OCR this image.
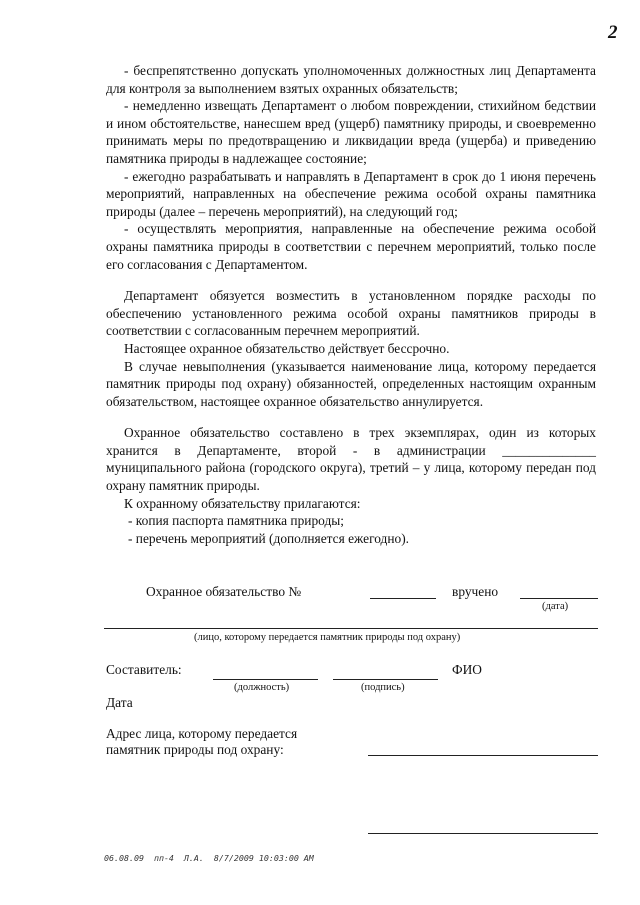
2

- беспрепятственно допускать уполномоченных должностных лиц Департамента для контроля за выполнением взятых охранных обязательств;

- немедленно извещать Департамент о любом повреждении, стихийном бедствии и ином обстоятельстве, нанесшем вред (ущерб) памятнику природы, и своевременно принимать меры по предотвращению и ликвидации вреда (ущерба) и приведению памятника природы в надлежащее состояние;

- ежегодно разрабатывать и направлять в Департамент в срок до 1 июня перечень мероприятий, направленных на обеспечение режима особой охраны памятника природы (далее – перечень мероприятий), на следующий год;

- осуществлять мероприятия, направленные на обеспечение режима особой охраны памятника природы в соответствии с перечнем мероприятий, только после его согласования с Департаментом.

Департамент обязуется возместить в установленном порядке расходы по обеспечению установленного режима особой охраны памятников природы в соответствии с согласованным перечнем мероприятий.

Настоящее охранное обязательство действует бессрочно.

В случае невыполнения (указывается наименование лица, которому передается памятник природы под охрану) обязанностей, определенных настоящим охранным обязательством, настоящее охранное обязательство аннулируется.

Охранное обязательство составлено в трех экземплярах, один из которых хранится в Департаменте, второй - в администрации ______________ муниципального района (городского округа), третий – у лица, которому передан под охрану памятник природы.

К охранному обязательству прилагаются:

- копия паспорта памятника природы;

- перечень мероприятий (дополняется ежегодно).

Охранное обязательство №	вручено
(дата)
(лицо, которому передается памятник природы под охрану)
Составитель:
(должность)	(подпись)
ФИО
Дата
Адрес лица, которому передается памятник природы под охрану:
06.08.09  пп-4  Л.А.  8/7/2009 10:03:00 AM
